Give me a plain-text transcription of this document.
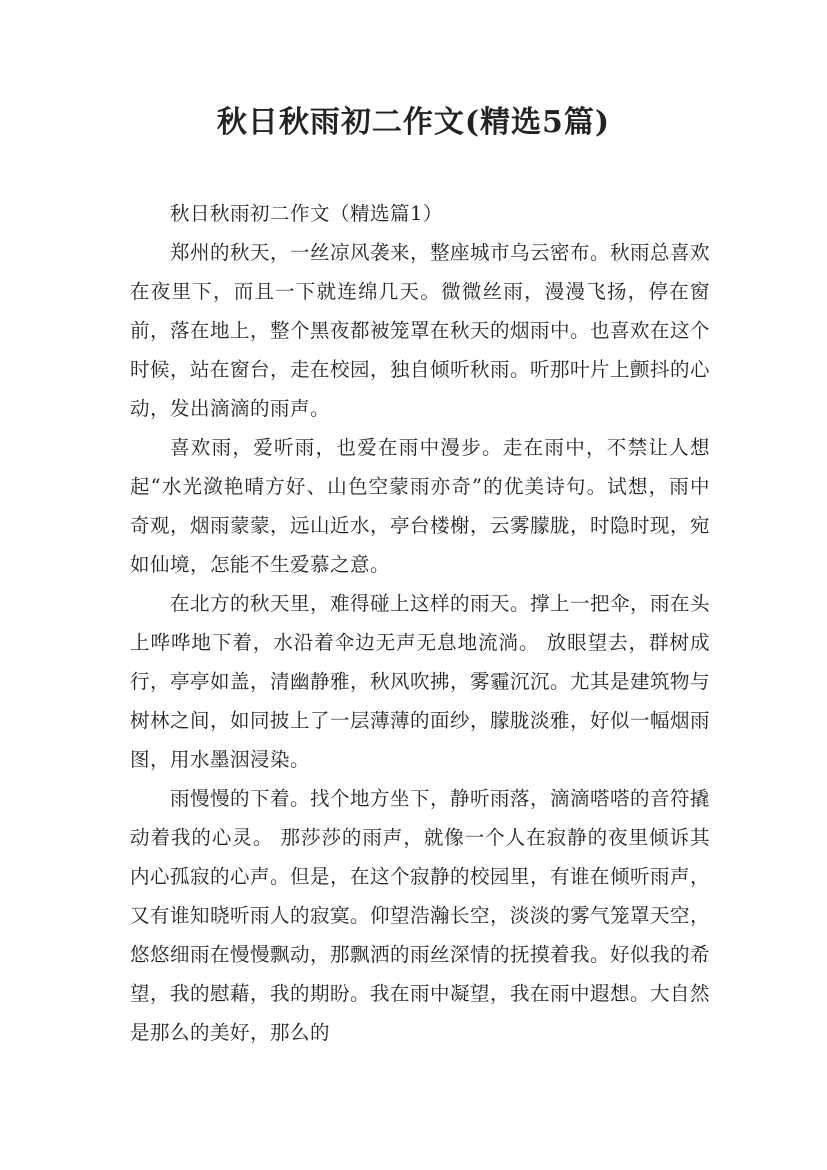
秋日秋雨初二作文(精选5篇)
秋日秋雨初二作文（精选篇1）

郑州的秋天，一丝凉风袭来，整座城市乌云密布。秋雨总喜欢在夜里下，而且一下就连绵几天。微微丝雨，漫漫飞扬，停在窗前，落在地上，整个黑夜都被笼罩在秋天的烟雨中。也喜欢在这个时候，站在窗台，走在校园，独自倾听秋雨。听那叶片上颤抖的心动，发出滴滴的雨声。

喜欢雨，爱听雨，也爱在雨中漫步。走在雨中，不禁让人想起“水光潋艳晴方好、山色空蒙雨亦奇”的优美诗句。试想，雨中奇观，烟雨蒙蒙，远山近水，亭台楼榭，云雾朦胧，时隐时现，宛如仙境，怎能不生爱慕之意。

在北方的秋天里，难得碰上这样的雨天。撑上一把伞，雨在头上哗哗地下着，水沿着伞边无声无息地流淌。 放眼望去，群树成行，亭亭如盖，清幽静雅，秋风吹拂，雾霾沉沉。尤其是建筑物与树林之间，如同披上了一层薄薄的面纱，朦胧淡雅，好似一幅烟雨图，用水墨洇浸染。

雨慢慢的下着。找个地方坐下，静听雨落，滴滴嗒嗒的音符撬动着我的心灵。 那莎莎的雨声，就像一个人在寂静的夜里倾诉其内心孤寂的心声。但是，在这个寂静的校园里，有谁在倾听雨声，又有谁知晓听雨人的寂寞。仰望浩瀚长空，淡淡的雾气笼罩天空，悠悠细雨在慢慢飘动，那飘洒的雨丝深情的抚摸着我。好似我的希望，我的慰藉，我的期盼。我在雨中凝望，我在雨中遐想。大自然是那么的美好，那么的
